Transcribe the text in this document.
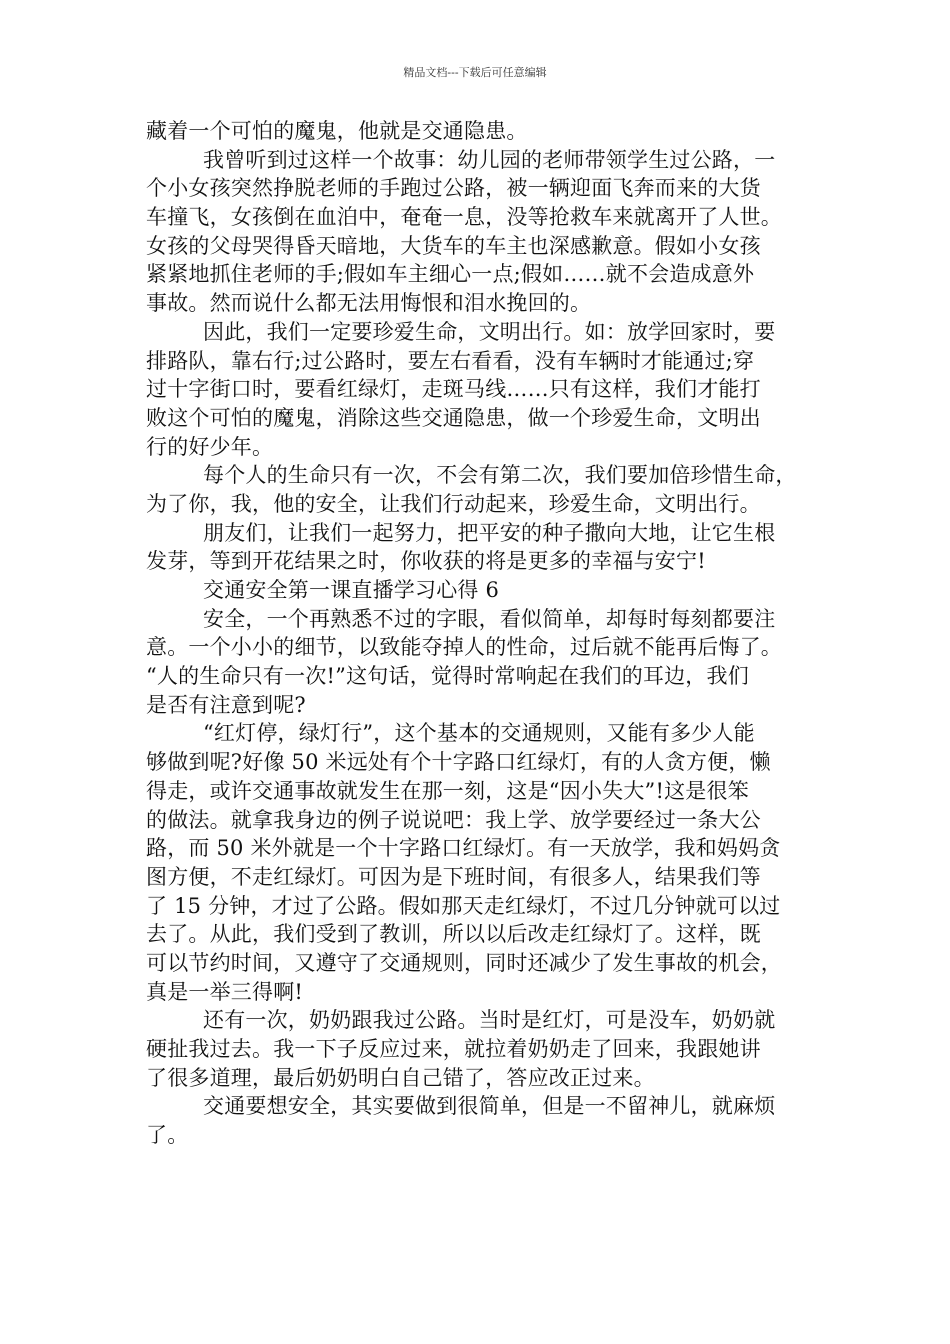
精品文档---下载后可任意编辑
藏着一个可怕的魔鬼，他就是交通隐患。
我曾听到过这样一个故事：幼儿园的老师带领学生过公路，一
个小女孩突然挣脱老师的手跑过公路，被一辆迎面飞奔而来的大货
车撞飞，女孩倒在血泊中，奄奄一息，没等抢救车来就离开了人世。
女孩的父母哭得昏天暗地，大货车的车主也深感歉意。假如小女孩
紧紧地抓住老师的手;假如车主细心一点;假如……就不会造成意外
事故。然而说什么都无法用悔恨和泪水挽回的。
因此，我们一定要珍爱生命，文明出行。如：放学回家时，要
排路队，靠右行;过公路时，要左右看看，没有车辆时才能通过;穿
过十字街口时，要看红绿灯，走斑马线……只有这样，我们才能打
败这个可怕的魔鬼，消除这些交通隐患，做一个珍爱生命，文明出
行的好少年。
每个人的生命只有一次，不会有第二次，我们要加倍珍惜生命，
为了你，我，他的安全，让我们行动起来，珍爱生命，文明出行。
朋友们，让我们一起努力，把平安的种子撒向大地，让它生根
发芽，等到开花结果之时，你收获的将是更多的幸福与安宁!
交通安全第一课直播学习心得 6
安全，一个再熟悉不过的字眼，看似简单，却每时每刻都要注
意。一个小小的细节，以致能夺掉人的性命，过后就不能再后悔了。
“人的生命只有一次!”这句话，觉得时常响起在我们的耳边，我们
是否有注意到呢?
“红灯停，绿灯行”，这个基本的交通规则，又能有多少人能
够做到呢?好像 50 米远处有个十字路口红绿灯，有的人贪方便，懒
得走，或许交通事故就发生在那一刻，这是“因小失大”!这是很笨
的做法。就拿我身边的例子说说吧：我上学、放学要经过一条大公
路，而 50 米外就是一个十字路口红绿灯。有一天放学，我和妈妈贪
图方便，不走红绿灯。可因为是下班时间，有很多人，结果我们等
了 15 分钟，才过了公路。假如那天走红绿灯，不过几分钟就可以过
去了。从此，我们受到了教训，所以以后改走红绿灯了。这样，既
可以节约时间，又遵守了交通规则，同时还减少了发生事故的机会，
真是一举三得啊!
还有一次，奶奶跟我过公路。当时是红灯，可是没车，奶奶就
硬扯我过去。我一下子反应过来，就拉着奶奶走了回来，我跟她讲
了很多道理，最后奶奶明白自己错了，答应改正过来。
交通要想安全，其实要做到很简单，但是一不留神儿，就麻烦
了。
